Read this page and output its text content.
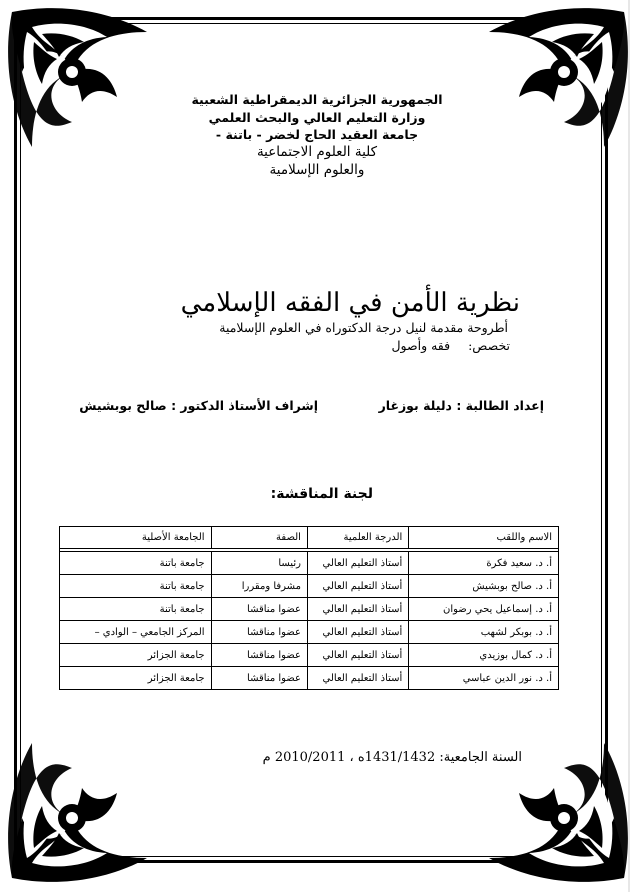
الجمهورية الجزائرية الديمقراطية الشعبية
وزارة التعليم العالي والبحث العلمي
جامعة العقيد الحاج لخضر - باتنة -
كلية العلوم الاجتماعية
والعلوم الإسلامية
نظرية الأمن في الفقه الإسلامي
أطروحة مقدمة لنيل درجة الدكتوراه في العلوم الإسلامية
تخصص: فقه وأصول
إعداد الطالبة : دليلة بوزغار
إشراف الأستاذ الدكتور : صالح بوبشيش
لجنة المناقشة:
الاسم واللقب	الدرجة العلمية	الصفة	الجامعة الأصلية

أ. د. سعيد فكرة	أستاذ التعليم العالي	رئيسا	جامعة باتنة
أ. د. صالح بوبشيش	أستاذ التعليم العالي	مشرفا ومقررا	جامعة باتنة
أ. د. إسماعيل يحي رضوان	أستاذ التعليم العالي	عضوا مناقشا	جامعة باتنة
أ. د. بوبكر لشهب	أستاذ التعليم العالي	عضوا مناقشا	المركز الجامعي – الوادي –
أ. د. كمال بوزيدي	أستاذ التعليم العالي	عضوا مناقشا	جامعة الجزائر
أ. د. نور الدين عباسي	أستاذ التعليم العالي	عضوا مناقشا	جامعة الجزائر
السنة الجامعية: 1431/1432ه ، 2010/2011 م
